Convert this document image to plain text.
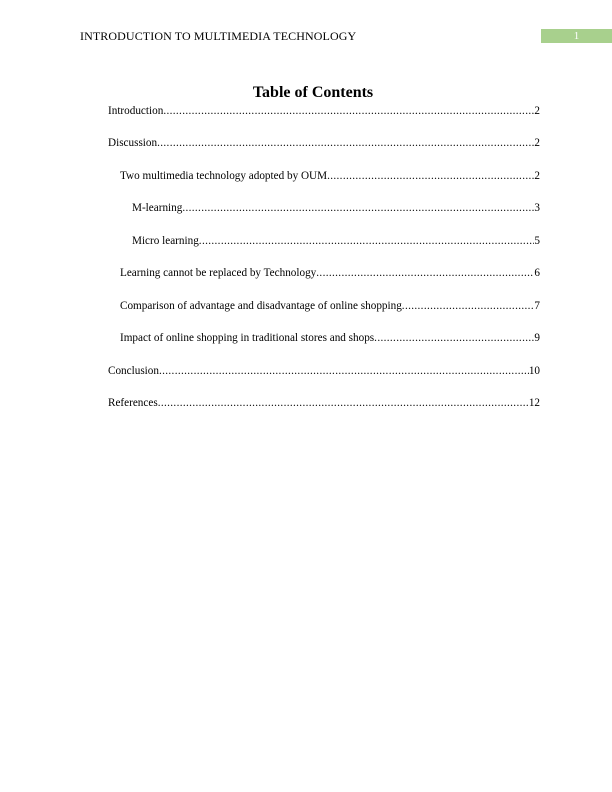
INTRODUCTION TO MULTIMEDIA TECHNOLOGY	1
Table of Contents
Introduction .....	2
Discussion .....	2
Two multimedia technology adopted by OUM .....	2
M-learning .....	3
Micro learning .....	5
Learning cannot be replaced by Technology .....	6
Comparison of advantage and disadvantage of online shopping .....	7
Impact of online shopping in traditional stores and shops .....	9
Conclusion .....	10
References .....	12
